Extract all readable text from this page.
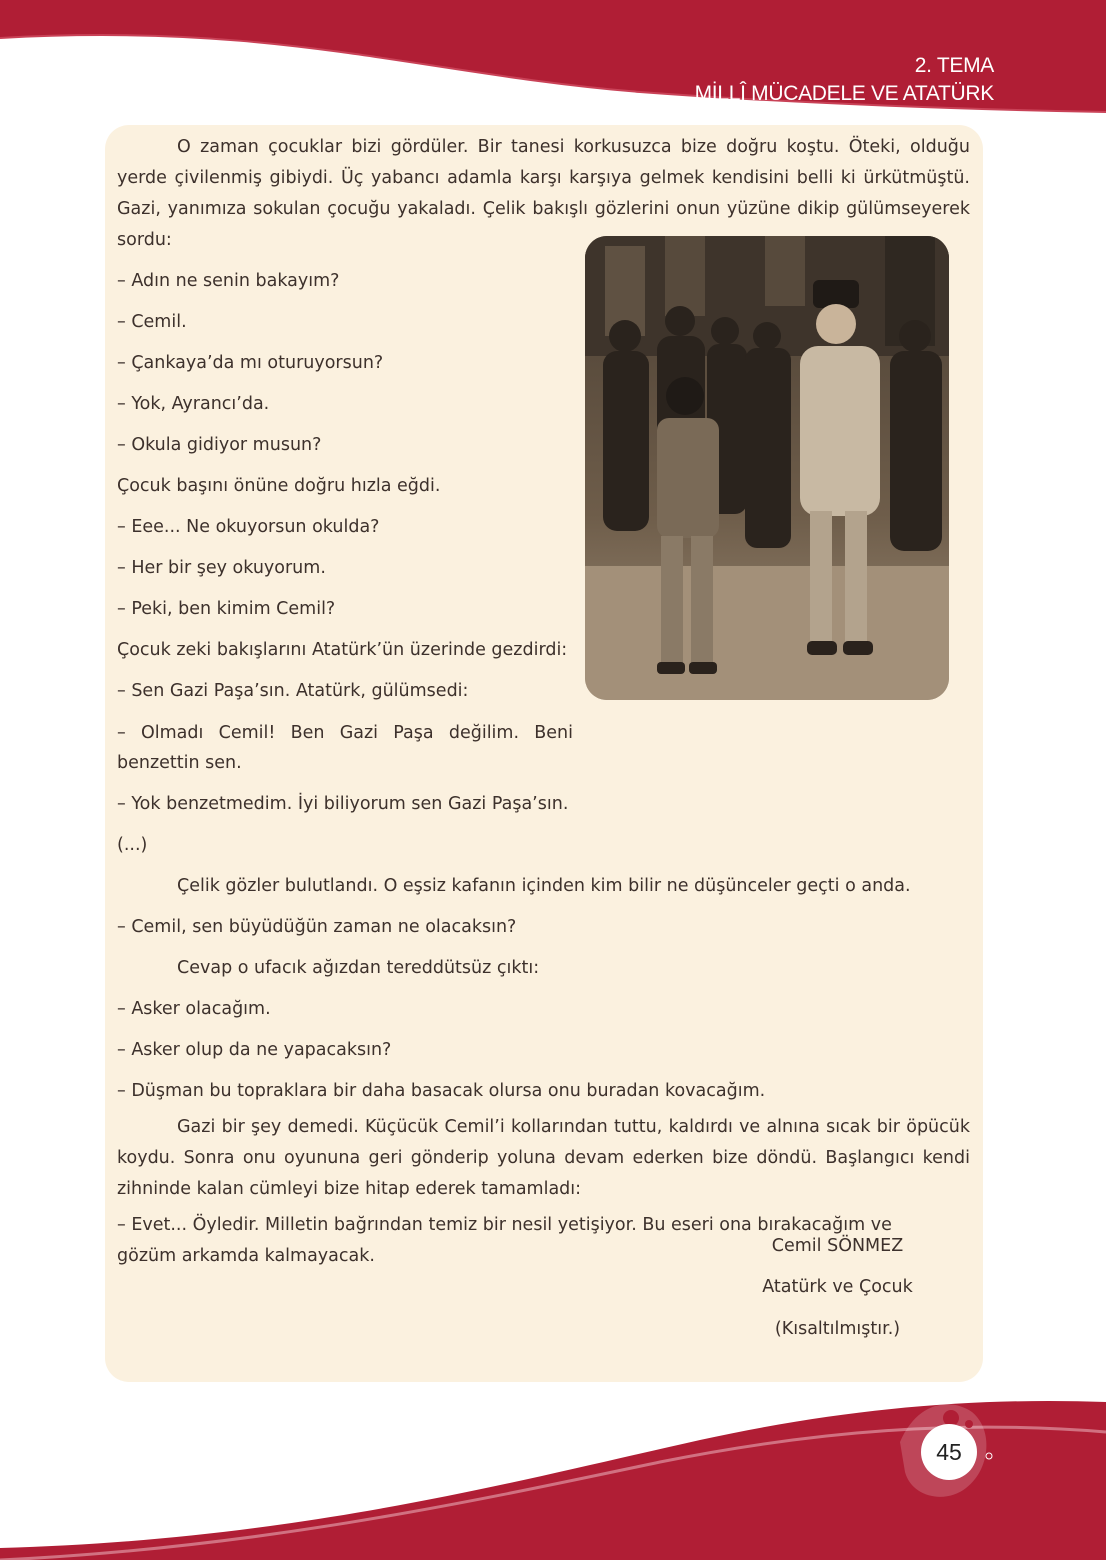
2. TEMA
MİLLÎ MÜCADELE VE ATATÜRK

O zaman çocuklar bizi gördüler. Bir tanesi korkusuzca bize doğru koştu. Öteki, olduğu yerde çivilenmiş gibiydi. Üç yabancı adamla karşı karşıya gelmek kendisini belli ki ürkütmüştü. Gazi, yanımıza sokulan çocuğu yakaladı. Çelik bakışlı gözlerini onun yüzüne dikip gülümseyerek sordu:

– Adın ne senin bakayım?

– Cemil.

– Çankaya’da mı oturuyorsun?

– Yok, Ayrancı’da.

– Okula gidiyor musun?

Çocuk başını önüne doğru hızla eğdi.

– Eee... Ne okuyorsun okulda?

– Her bir şey okuyorum.

– Peki, ben kimim Cemil?

Çocuk zeki bakışlarını Atatürk’ün üzerinde gezdirdi:

– Sen Gazi Paşa’sın. Atatürk, gülümsedi:

– Olmadı Cemil! Ben Gazi Paşa değilim. Beni benzettin sen.

– Yok benzetmedim. İyi biliyorum sen Gazi Paşa’sın.

(...)

Çelik gözler bulutlandı. O eşsiz kafanın içinden kim bilir ne düşünceler geçti o anda.

– Cemil, sen büyüdüğün zaman ne olacaksın?

Cevap o ufacık ağızdan tereddütsüz çıktı:

– Asker olacağım.

– Asker olup da ne yapacaksın?

– Düşman bu topraklara bir daha basacak olursa onu buradan kovacağım.

Gazi bir şey demedi. Küçücük Cemil’i kollarından tuttu, kaldırdı ve alnına sıcak bir öpücük koydu. Sonra onu oyununa geri gönderip yoluna devam ederken bize döndü. Başlangıcı kendi zihninde kalan cümleyi bize hitap ederek tamamladı:

– Evet... Öyledir. Milletin bağrından temiz bir nesil yetişiyor. Bu eseri ona bırakacağım ve gözüm arkamda kalmayacak.	Cemil SÖNMEZ
Atatürk ve Çocuk
(Kısaltılmıştır.)
45
